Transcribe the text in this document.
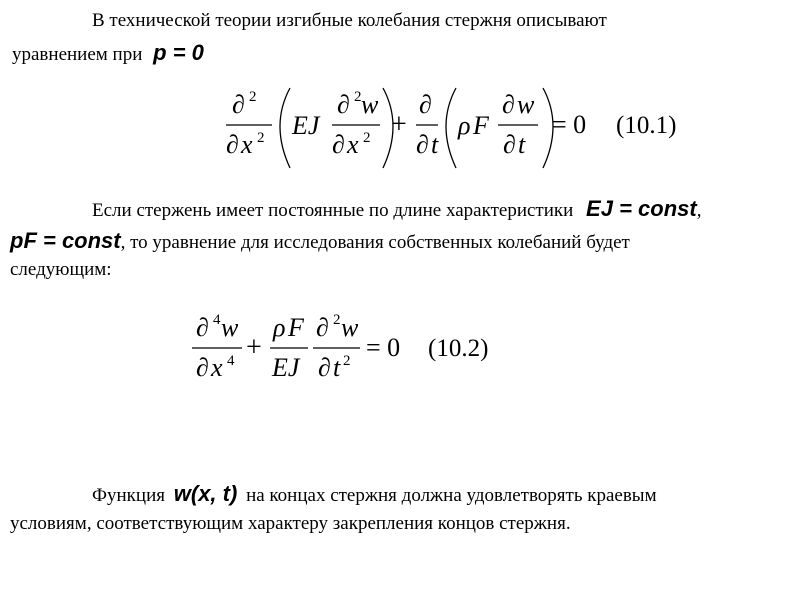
В технической теории изгибные колебания стержня описывают
уравнением при p = 0
∂ 2
∂ x 2 EJ
∂ 2 w
∂ x 2 +
∂
∂ t
ρ F
∂ w
∂ t
= 0 (10.1)
Если стержень имеет постоянные по длине характеристики EJ = const,
pF = const, то уравнение для исследования собственных колебаний будет
следующим:
∂ 4 w
∂ x 4 +
ρ F
EJ
∂ 2 w
∂ t 2 = 0 (10.2)
Функция w(x, t) на концах стержня должна удовлетворять краевым
условиям, соответствующим характеру закрепления концов стержня.
